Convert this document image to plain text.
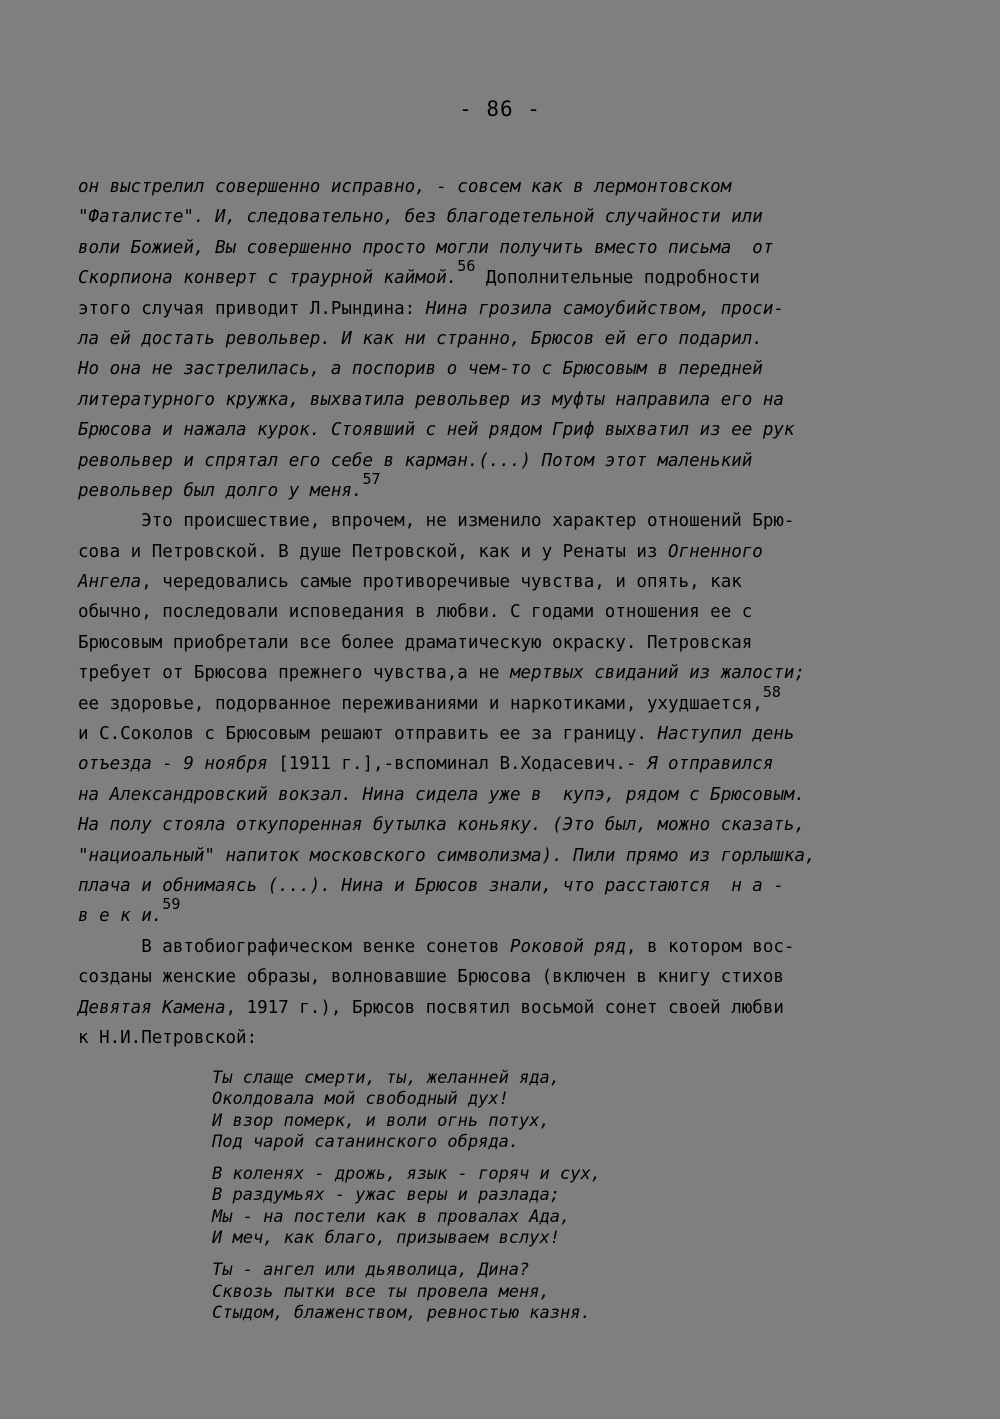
- 86 -
он выстрелил совершенно исправно, - совсем как в лермонтовском
"Фаталисте". И, следовательно, без благодетельной случайности или
воли Божией, Вы совершенно просто могли получить вместо письма  от
Скорпиона конверт с траурной каймой.$^{56}$ Дополнительные подробности
этого случая приводит Л.Рындина: Нина грозила самоубийством, проси-
ла ей достать револьвер. И как ни странно, Брюсов ей его подарил.
Но она не застрелилась, а поспорив о чем-то с Брюсовым в передней
литературного кружка, выхватила револьвер из муфты направила его на
Брюсова и нажала курок. Стоявший с ней рядом Гриф выхватил из ее рук
револьвер и спрятал его себе в карман.(...) Потом этот маленький
револьвер был долго у меня.$^{57}$
Это происшествие, впрочем, не изменило характер отношений Брю-
сова и Петровской. В душе Петровской, как и у Ренаты из Огненного
Ангела, чередовались самые противоречивые чувства, и опять, как
обычно, последовали исповедания в любви. С годами отношения ее с
Брюсовым приобретали все более драматическую окраску. Петровская
требует от Брюсова прежнего чувства,а не мертвых свиданий из жалости;
ее здоровье, подорванное переживаниями и наркотиками, ухудшается,$^{58}$
и С.Соколов с Брюсовым решают отправить ее за границу. Наступил день
отъезда - 9 ноября [1911 г.],-вспоминал В.Ходасевич.- Я отправился
на Александровский вокзал. Нина сидела уже в  купэ, рядом с Брюсовым.
На полу стояла откупоренная бутылка коньяку. (Это был, можно сказать,
"нациоальный" напиток московского символизма). Пили прямо из горлышка,
плача и обнимаясь (...). Нина и Брюсов знали, что расстаются  н а -
в е к и.$^{59}$
В автобиографическом венке сонетов Роковой ряд, в котором вос-
созданы женские образы, волновавшие Брюсова (включен в книгу стихов
Девятая Камена, 1917 г.), Брюсов посвятил восьмой сонет своей любви
к Н.И.Петровской:
Ты слаще смерти, ты, желанней яда,
Околдовала мой свободный дух!
И взор померк, и воли огнь потух,
Под чарой сатанинского обряда.
В коленях - дрожь, язык - горяч и сух,
В раздумьях - ужас веры и разлада;
Мы - на постели как в провалах Ада,
И меч, как благо, призываем вслух!
Ты - ангел или дьяволица, Дина?
Сквозь пытки все ты провела меня,
Стыдом, блаженством, ревностью казня.
